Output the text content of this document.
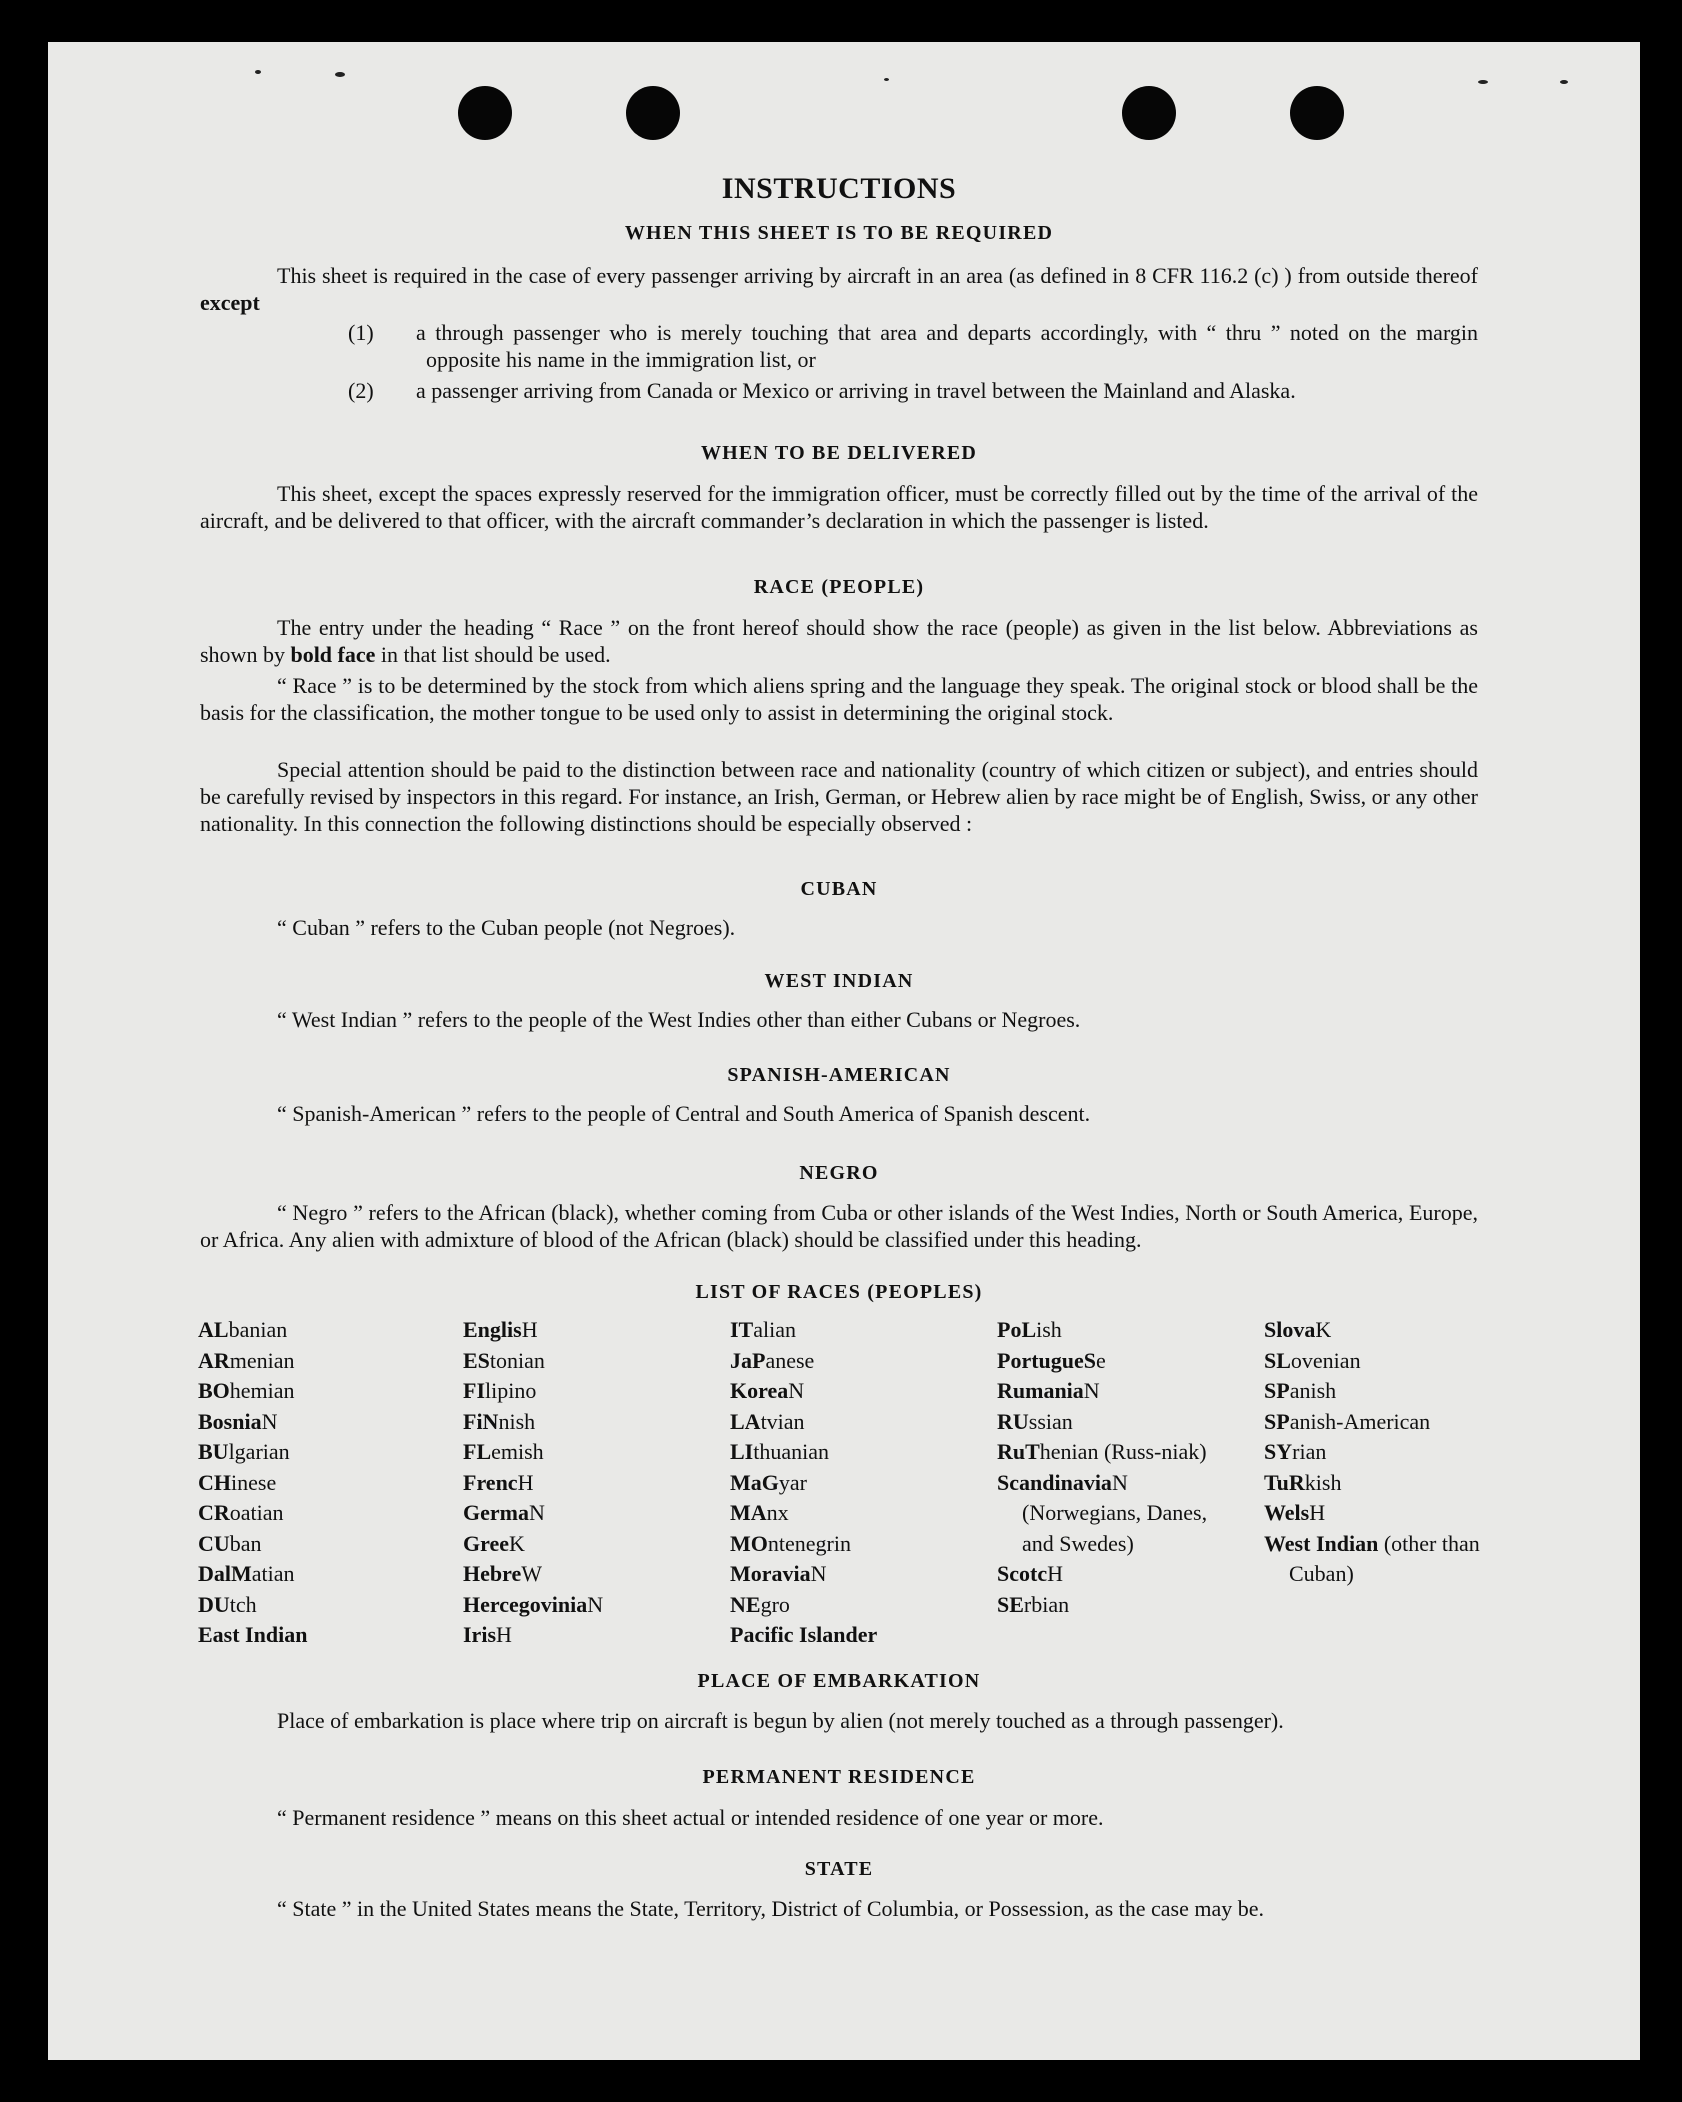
INSTRUCTIONS
WHEN THIS SHEET IS TO BE REQUIRED
This sheet is required in the case of every passenger arriving by aircraft in an area (as defined in 8 CFR 116.2 (c) ) from outside thereof except
(1) a through passenger who is merely touching that area and departs accordingly, with “ thru ” noted on the margin opposite his name in the immigration list, or
(2) a passenger arriving from Canada or Mexico or arriving in travel between the Mainland and Alaska.
WHEN TO BE DELIVERED
This sheet, except the spaces expressly reserved for the immigration officer, must be correctly filled out by the time of the arrival of the aircraft, and be delivered to that officer, with the aircraft commander’s declaration in which the passenger is listed.
RACE (PEOPLE)
The entry under the heading “ Race ” on the front hereof should show the race (people) as given in the list below. Abbreviations as shown by bold face in that list should be used.
“ Race ” is to be determined by the stock from which aliens spring and the language they speak. The original stock or blood shall be the basis for the classification, the mother tongue to be used only to assist in determining the original stock.
Special attention should be paid to the distinction between race and nationality (country of which citizen or subject), and entries should be carefully revised by inspectors in this regard. For instance, an Irish, German, or Hebrew alien by race might be of English, Swiss, or any other nationality. In this connection the following distinctions should be especially observed :
CUBAN
“ Cuban ” refers to the Cuban people (not Negroes).
WEST INDIAN
“ West Indian ” refers to the people of the West Indies other than either Cubans or Negroes.
SPANISH-AMERICAN
“ Spanish-American ” refers to the people of Central and South America of Spanish descent.
NEGRO
“ Negro ” refers to the African (black), whether coming from Cuba or other islands of the West Indies, North or South America, Europe, or Africa. Any alien with admixture of blood of the African (black) should be classified under this heading.
LIST OF RACES (PEOPLES)
PLACE OF EMBARKATION
Place of embarkation is place where trip on aircraft is begun by alien (not merely touched as a through passenger).
PERMANENT RESIDENCE
“ Permanent residence ” means on this sheet actual or intended residence of one year or more.
STATE
“ State ” in the United States means the State, Territory, District of Columbia, or Possession, as the case may be.
ALbanian
ARmenian
BOhemian
BosniaN
BUlgarian
CHinese
CRoatian
CUban
DalMatian
DUtch
East Indian
EnglisH
EStonian
FIlipino
FiNnish
FLemish
FrencH
GermaN
GreeK
HebreW
HercegoviniaN
IrisH
ITalian
JaPanese
KoreaN
LAtvian
LIthuanian
MaGyar
MAnx
MOntenegrin
MoraviaN
NEgro
Pacific Islander
PoLish
PortugueSe
RumaniaN
RUssian
RuThenian (Russ-niak)
ScandinaviaN (Norwegians, Danes, and Swedes)
ScotcH
SErbian
SlovaK
SLovenian
SPanish
SPanish-American
SYrian
TuRkish
WelsH
West Indian (other than Cuban)
